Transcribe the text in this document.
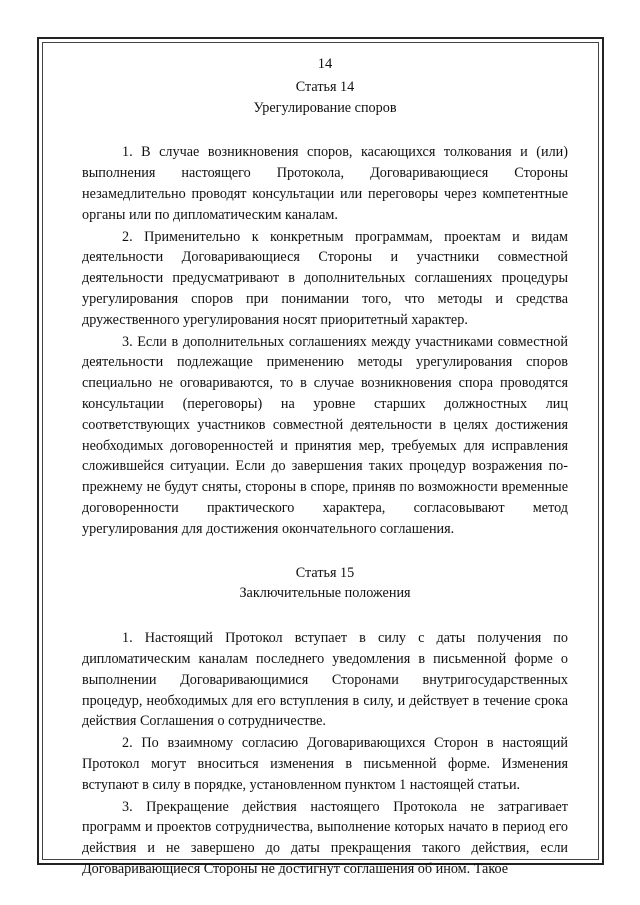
14

Статья 14

Урегулирование споров

1. В случае возникновения споров, касающихся толкования и (или) выполнения настоящего Протокола, Договаривающиеся Стороны незамедлительно проводят консультации или переговоры через компетентные органы или по дипломатическим каналам.

2. Применительно к конкретным программам, проектам и видам деятельности Договаривающиеся Стороны и участники совместной деятельности предусматривают в дополнительных соглашениях процедуры урегулирования споров при понимании того, что методы и средства дружественного урегулирования носят приоритетный характер.

3. Если в дополнительных соглашениях между участниками совместной деятельности подлежащие применению методы урегулирования споров специально не оговариваются, то в случае возникновения спора проводятся консультации (переговоры) на уровне старших должностных лиц соответствующих участников совместной деятельности в целях достижения необходимых договоренностей и принятия мер, требуемых для исправления сложившейся ситуации. Если до завершения таких процедур возражения по-прежнему не будут сняты, стороны в споре, приняв по возможности временные договоренности практического характера, согласовывают метод урегулирования для достижения окончательного соглашения.

Статья 15

Заключительные положения

1. Настоящий Протокол вступает в силу с даты получения по дипломатическим каналам последнего уведомления в письменной форме о выполнении Договаривающимися Сторонами внутригосударственных процедур, необходимых для его вступления в силу, и действует в течение срока действия Соглашения о сотрудничестве.

2. По взаимному согласию Договаривающихся Сторон в настоящий Протокол могут вноситься изменения в письменной форме. Изменения вступают в силу в порядке, установленном пунктом 1 настоящей статьи.

3. Прекращение действия настоящего Протокола не затрагивает программ и проектов сотрудничества, выполнение которых начато в период его действия и не завершено до даты прекращения такого действия, если Договаривающиеся Стороны не достигнут соглашения об ином. Такое
